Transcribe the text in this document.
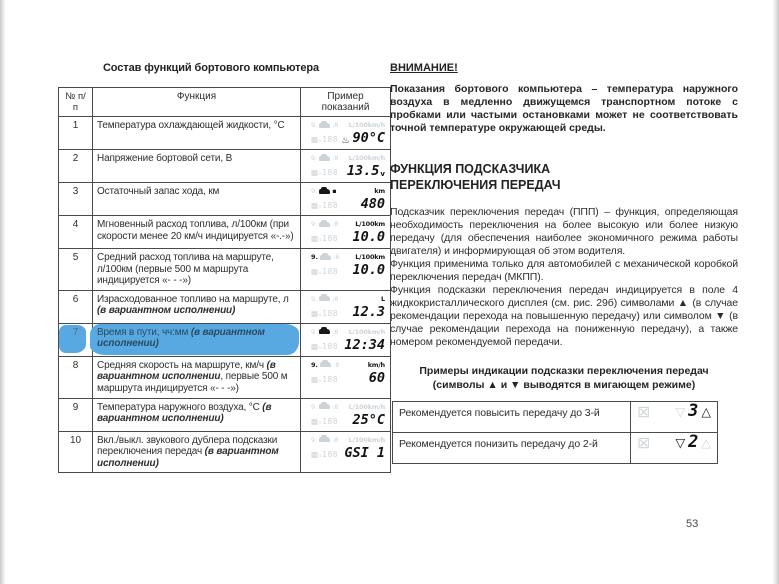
Состав функций бортового компьютера
№ п/п	Функция	Пример показаний
1	Температура охлаждающей жидкости, °С	9. :8 L/100km/h
▩ᵥ188 ♨ 90°C

2	Напряжение бортовой сети, В	9. :8 L/100km/h
▩ᵥ188 13.5 v

3	Остаточный запас хода, км	9. ▪ km
▩ᵥ188 480

4	Мгновенный расход топлива, л/100км (при скорости менее 20 км/ч индицируется «-.-»)	9. :8 L/100km
▩ᵥ188 10.0

5	Средний расход топлива на маршруте, л/100км (первые 500 м маршрута индицируется «- - -»)	9. :8 L/100km
▩ᵥ188 10.0

6	Израсходованное топливо на маршруте, л (в вариантном исполнении)	9. :8 L
▩ᵥ188 12.3

7	Время в пути, чч:мм (в вариантном исполнении)	9. :8 L/100km/h
▩ᵥ188 12:34

8	Средняя скорость на маршруте, км/ч (в вариантном исполнении, первые 500 м маршрута индицируется «- - -»)	9. :8 km/h
▩ᵥ188 60

9	Температура наружного воздуха, °С (в вариантном исполнении)	9. :8 L/100km/h
▩ᵥ188 25°C

10	Вкл./выкл. звукового дублера подсказки переключения передач (в вариантном исполнении)	9. :8 L/100km/h
▩ᵥ188 GSI 1

ВНИМАНИЕ!

Показания бортового компьютера – температура наружного воздуха в медленно движущемся транспортном потоке с пробками или частыми остановками может не соответствовать точной температуре окружающей среды.

ФУНКЦИЯ ПОДСКАЗЧИКА
ПЕРЕКЛЮЧЕНИЯ ПЕРЕДАЧ

Подсказчик переключения передач (ППП) – функция, определяющая необходимость переключения на более высокую или более низкую передачу (для обеспечения наиболее экономичного режима работы двигателя) и информирующая об этом водителя.

Функция применима только для автомобилей с механической коробкой переключения передач (МКПП).

Функция подсказки переключения передач индицируется в поле 4 жидкокристаллического дисплея (см. рис. 29б) символами ▲ (в случае рекомендации перехода на повышенную передачу) или символом ▼ (в случае рекомендации перехода на пониженную передачу), а также номером рекомендуемой передачи.

Примеры индикации подсказки переключения передач
(символы ▲ и ▼ выводятся в мигающем режиме)
Рекомендуется повысить передачу до 3-й	⊠ ▽ 3 △

Рекомендуется понизить передачу до 2-й	⊠ ▽ 2 △
53
